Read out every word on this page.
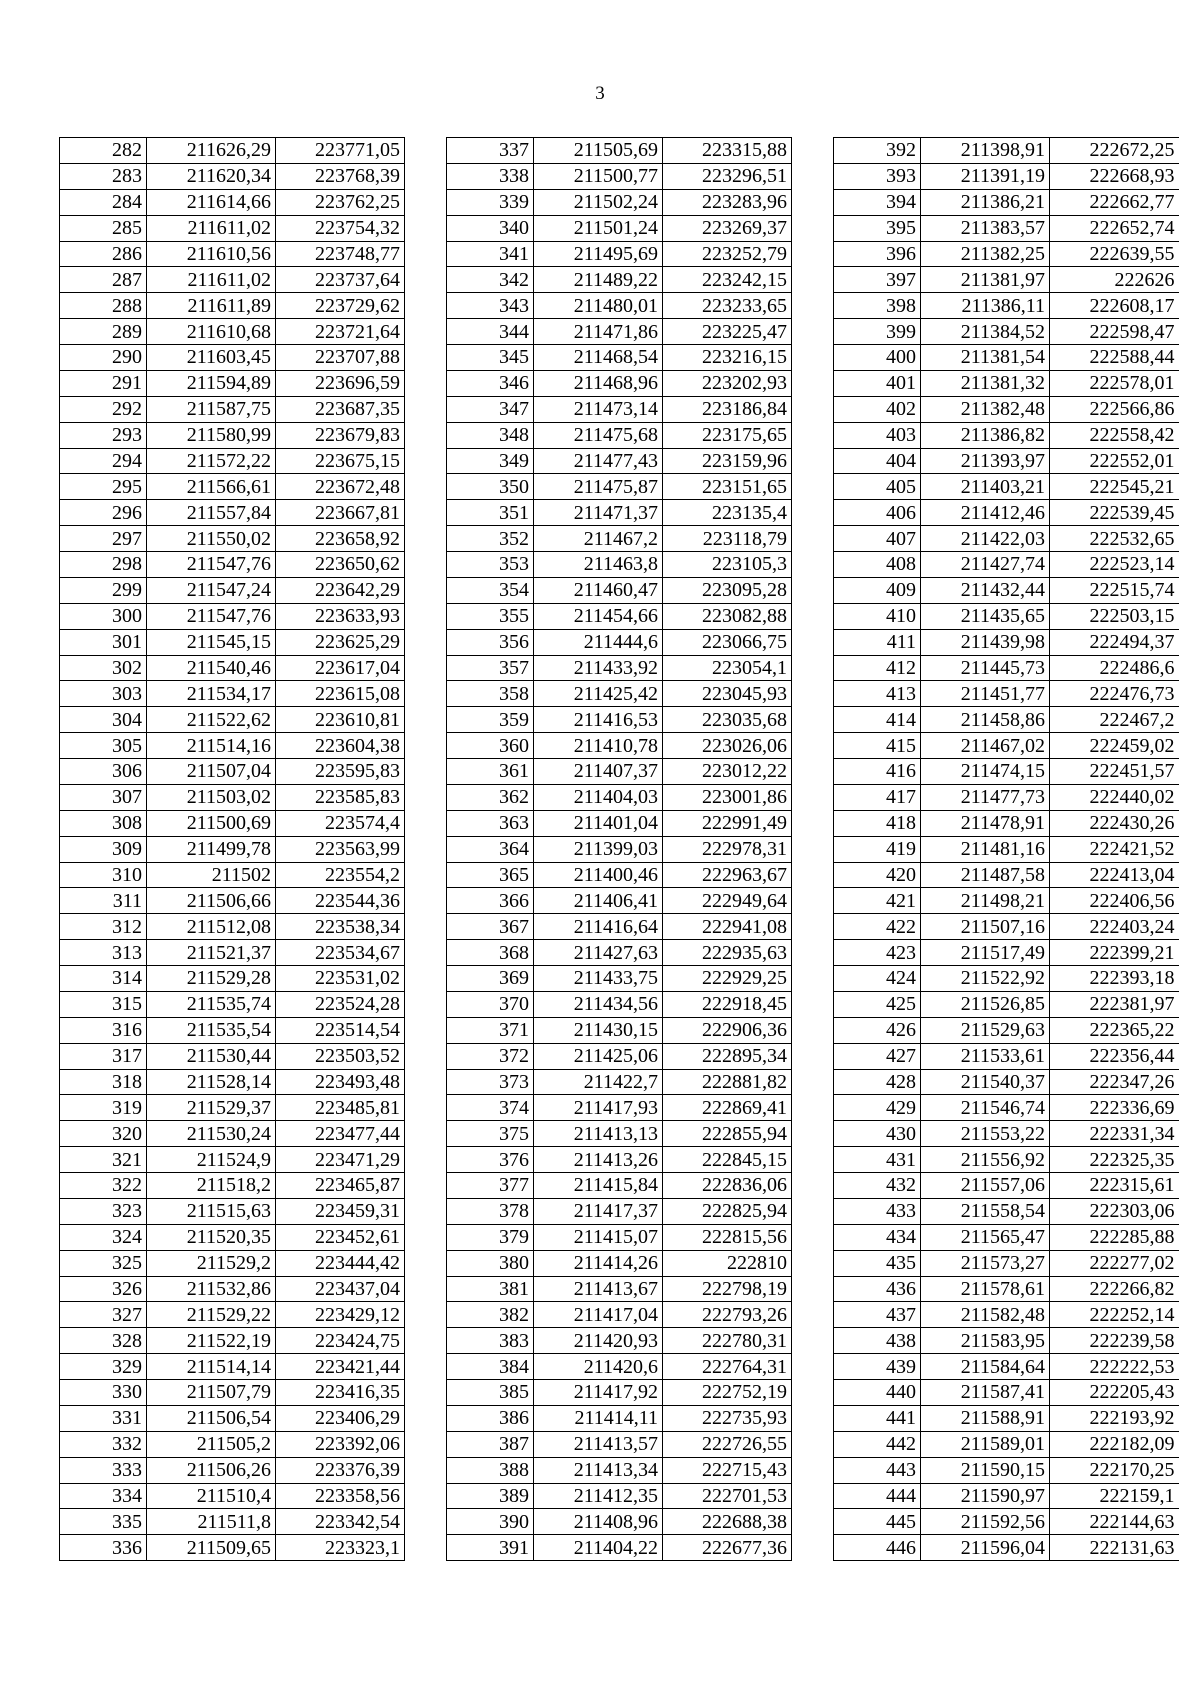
3
282	211626,29	223771,05
283	211620,34	223768,39
284	211614,66	223762,25
285	211611,02	223754,32
286	211610,56	223748,77
287	211611,02	223737,64
288	211611,89	223729,62
289	211610,68	223721,64
290	211603,45	223707,88
291	211594,89	223696,59
292	211587,75	223687,35
293	211580,99	223679,83
294	211572,22	223675,15
295	211566,61	223672,48
296	211557,84	223667,81
297	211550,02	223658,92
298	211547,76	223650,62
299	211547,24	223642,29
300	211547,76	223633,93
301	211545,15	223625,29
302	211540,46	223617,04
303	211534,17	223615,08
304	211522,62	223610,81
305	211514,16	223604,38
306	211507,04	223595,83
307	211503,02	223585,83
308	211500,69	223574,4
309	211499,78	223563,99
310	211502	223554,2
311	211506,66	223544,36
312	211512,08	223538,34
313	211521,37	223534,67
314	211529,28	223531,02
315	211535,74	223524,28
316	211535,54	223514,54
317	211530,44	223503,52
318	211528,14	223493,48
319	211529,37	223485,81
320	211530,24	223477,44
321	211524,9	223471,29
322	211518,2	223465,87
323	211515,63	223459,31
324	211520,35	223452,61
325	211529,2	223444,42
326	211532,86	223437,04
327	211529,22	223429,12
328	211522,19	223424,75
329	211514,14	223421,44
330	211507,79	223416,35
331	211506,54	223406,29
332	211505,2	223392,06
333	211506,26	223376,39
334	211510,4	223358,56
335	211511,8	223342,54
336	211509,65	223323,1
337	211505,69	223315,88
338	211500,77	223296,51
339	211502,24	223283,96
340	211501,24	223269,37
341	211495,69	223252,79
342	211489,22	223242,15
343	211480,01	223233,65
344	211471,86	223225,47
345	211468,54	223216,15
346	211468,96	223202,93
347	211473,14	223186,84
348	211475,68	223175,65
349	211477,43	223159,96
350	211475,87	223151,65
351	211471,37	223135,4
352	211467,2	223118,79
353	211463,8	223105,3
354	211460,47	223095,28
355	211454,66	223082,88
356	211444,6	223066,75
357	211433,92	223054,1
358	211425,42	223045,93
359	211416,53	223035,68
360	211410,78	223026,06
361	211407,37	223012,22
362	211404,03	223001,86
363	211401,04	222991,49
364	211399,03	222978,31
365	211400,46	222963,67
366	211406,41	222949,64
367	211416,64	222941,08
368	211427,63	222935,63
369	211433,75	222929,25
370	211434,56	222918,45
371	211430,15	222906,36
372	211425,06	222895,34
373	211422,7	222881,82
374	211417,93	222869,41
375	211413,13	222855,94
376	211413,26	222845,15
377	211415,84	222836,06
378	211417,37	222825,94
379	211415,07	222815,56
380	211414,26	222810
381	211413,67	222798,19
382	211417,04	222793,26
383	211420,93	222780,31
384	211420,6	222764,31
385	211417,92	222752,19
386	211414,11	222735,93
387	211413,57	222726,55
388	211413,34	222715,43
389	211412,35	222701,53
390	211408,96	222688,38
391	211404,22	222677,36
392	211398,91	222672,25
393	211391,19	222668,93
394	211386,21	222662,77
395	211383,57	222652,74
396	211382,25	222639,55
397	211381,97	222626
398	211386,11	222608,17
399	211384,52	222598,47
400	211381,54	222588,44
401	211381,32	222578,01
402	211382,48	222566,86
403	211386,82	222558,42
404	211393,97	222552,01
405	211403,21	222545,21
406	211412,46	222539,45
407	211422,03	222532,65
408	211427,74	222523,14
409	211432,44	222515,74
410	211435,65	222503,15
411	211439,98	222494,37
412	211445,73	222486,6
413	211451,77	222476,73
414	211458,86	222467,2
415	211467,02	222459,02
416	211474,15	222451,57
417	211477,73	222440,02
418	211478,91	222430,26
419	211481,16	222421,52
420	211487,58	222413,04
421	211498,21	222406,56
422	211507,16	222403,24
423	211517,49	222399,21
424	211522,92	222393,18
425	211526,85	222381,97
426	211529,63	222365,22
427	211533,61	222356,44
428	211540,37	222347,26
429	211546,74	222336,69
430	211553,22	222331,34
431	211556,92	222325,35
432	211557,06	222315,61
433	211558,54	222303,06
434	211565,47	222285,88
435	211573,27	222277,02
436	211578,61	222266,82
437	211582,48	222252,14
438	211583,95	222239,58
439	211584,64	222222,53
440	211587,41	222205,43
441	211588,91	222193,92
442	211589,01	222182,09
443	211590,15	222170,25
444	211590,97	222159,1
445	211592,56	222144,63
446	211596,04	222131,63
